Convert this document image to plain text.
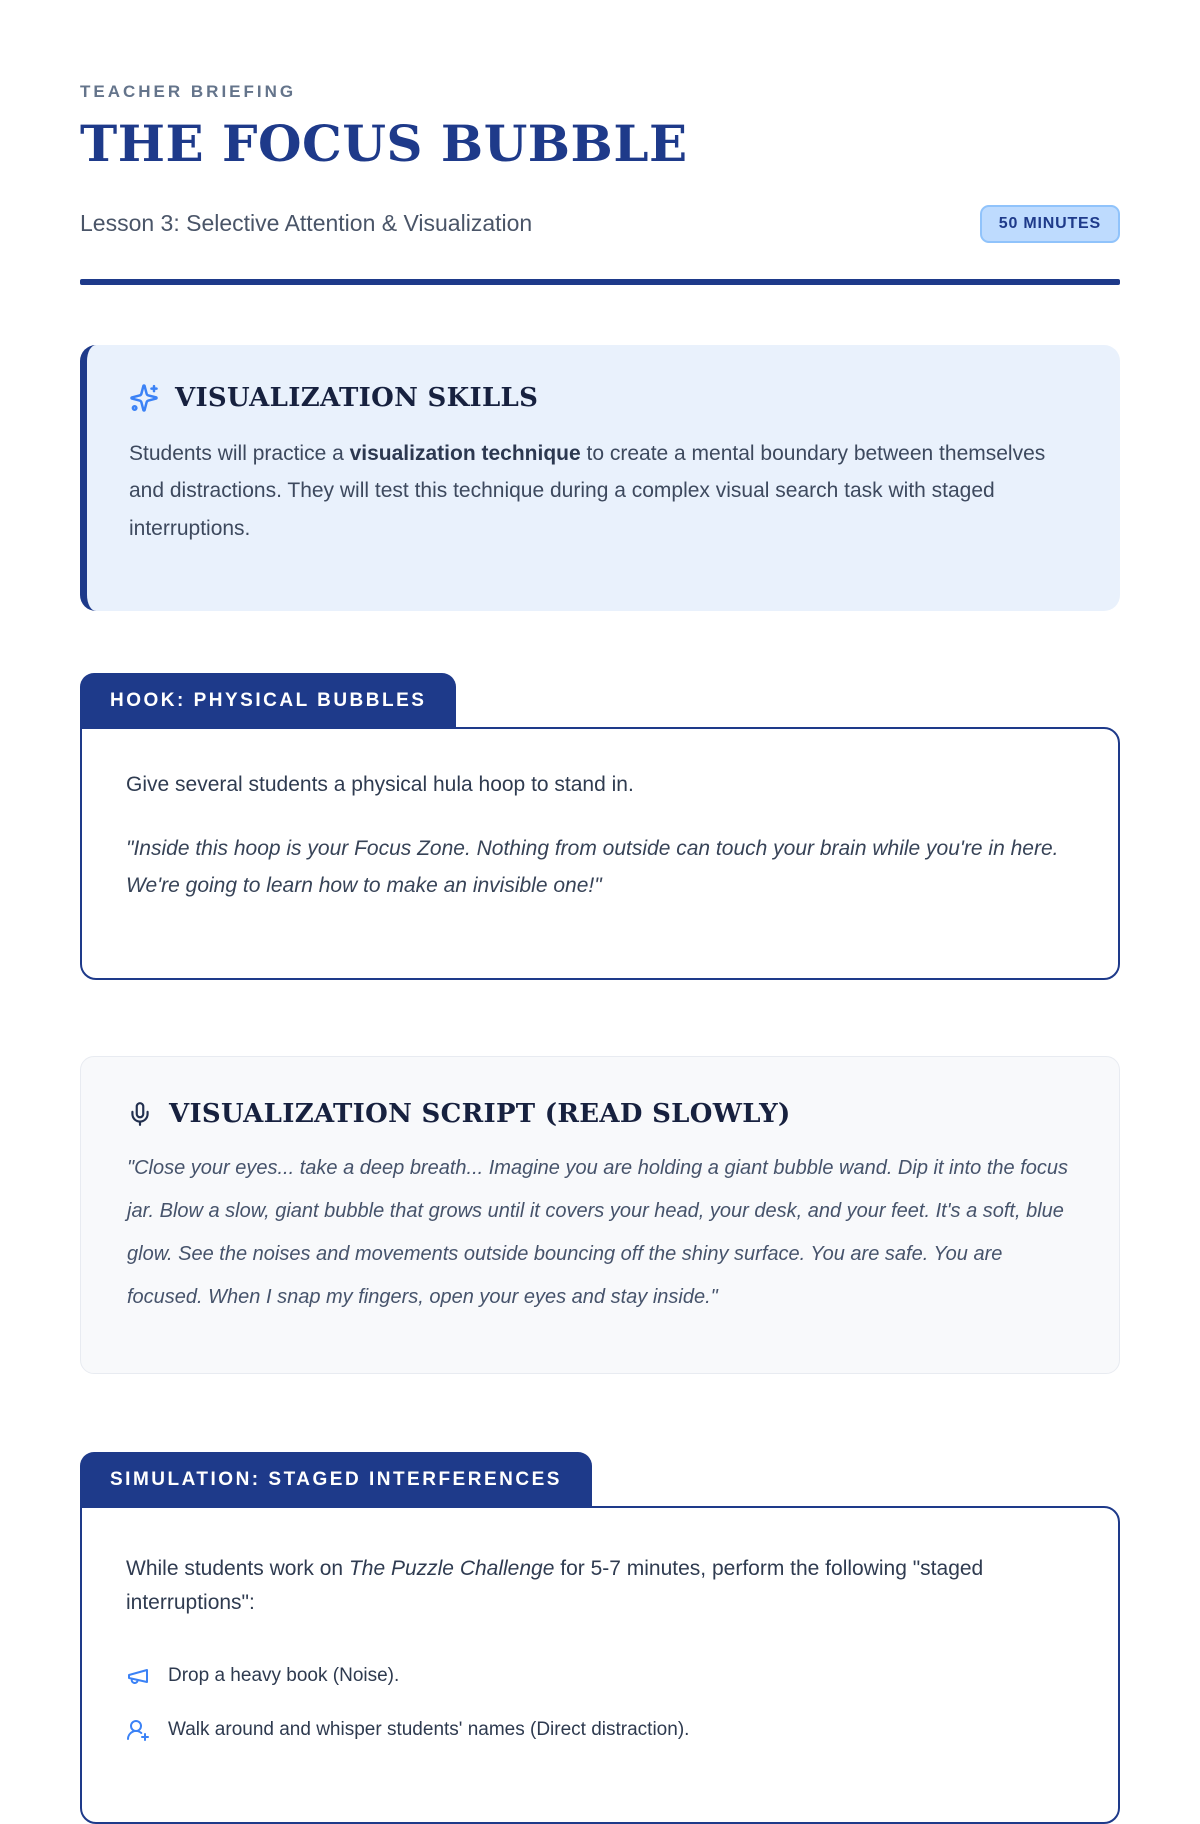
TEACHER BRIEFING
THE FOCUS BUBBLE
Lesson 3: Selective Attention & Visualization	50 MINUTES
VISUALIZATION SKILLS

Students will practice a visualization technique to create a mental boundary between themselves and distractions. They will test this technique during a complex visual search task with staged interruptions.

HOOK: PHYSICAL BUBBLES

Give several students a physical hula hoop to stand in.

"Inside this hoop is your Focus Zone. Nothing from outside can touch your brain while you're in here. We're going to learn how to make an invisible one!"

VISUALIZATION SCRIPT (READ SLOWLY)

"Close your eyes... take a deep breath... Imagine you are holding a giant bubble wand. Dip it into the focus jar. Blow a slow, giant bubble that grows until it covers your head, your desk, and your feet. It's a soft, blue glow. See the noises and movements outside bouncing off the shiny surface. You are safe. You are focused. When I snap my fingers, open your eyes and stay inside."

SIMULATION: STAGED INTERFERENCES

While students work on The Puzzle Challenge for 5-7 minutes, perform the following "staged interruptions":

Drop a heavy book (Noise).
Walk around and whisper students' names (Direct distraction).
